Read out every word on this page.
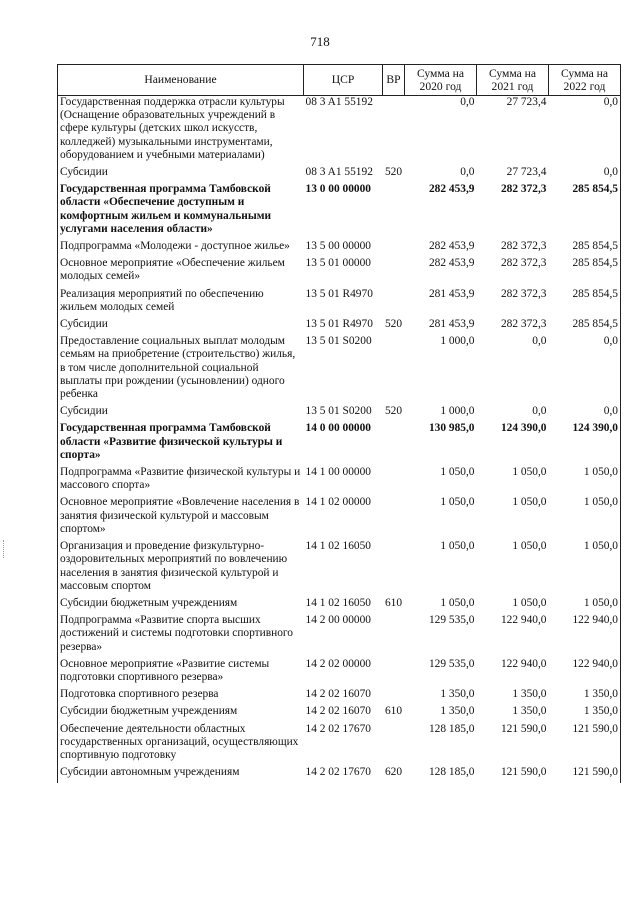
718
Наименование	ЦСР	ВР	Сумма на 2020 год	Сумма на 2021 год	Сумма на 2022 год
Государственная поддержка отрасли культуры (Оснащение образовательных учреждений в сфере культуры (детских школ искусств, колледжей) музыкальными инструментами, оборудованием и учебными материалами)	08 3 A1 55192		0,0	27 723,4	0,0
Субсидии	08 3 A1 55192	520	0,0	27 723,4	0,0
Государственная программа Тамбовской области «Обеспечение доступным и комфортным жильем и коммунальными услугами населения области»	13 0 00 00000		282 453,9	282 372,3	285 854,5
Подпрограмма «Молодежи - доступное жилье»	13 5 00 00000		282 453,9	282 372,3	285 854,5
Основное мероприятие «Обеспечение жильем молодых семей»	13 5 01 00000		282 453,9	282 372,3	285 854,5
Реализация мероприятий по обеспечению жильем молодых семей	13 5 01 R4970		281 453,9	282 372,3	285 854,5
Субсидии	13 5 01 R4970	520	281 453,9	282 372,3	285 854,5
Предоставление социальных выплат молодым семьям на приобретение (строительство) жилья, в том числе дополнительной социальной выплаты при рождении (усыновлении) одного ребенка	13 5 01 S0200		1 000,0	0,0	0,0
Субсидии	13 5 01 S0200	520	1 000,0	0,0	0,0
Государственная программа Тамбовской области «Развитие физической культуры и спорта»	14 0 00 00000		130 985,0	124 390,0	124 390,0
Подпрограмма «Развитие физической культуры и массового спорта»	14 1 00 00000		1 050,0	1 050,0	1 050,0
Основное мероприятие «Вовлечение населения в занятия физической культурой и массовым спортом»	14 1 02 00000		1 050,0	1 050,0	1 050,0
Организация и проведение физкультурно-оздоровительных мероприятий по вовлечению населения в занятия физической культурой и массовым спортом	14 1 02 16050		1 050,0	1 050,0	1 050,0
Субсидии бюджетным учреждениям	14 1 02 16050	610	1 050,0	1 050,0	1 050,0
Подпрограмма «Развитие спорта высших достижений и системы подготовки спортивного резерва»	14 2 00 00000		129 535,0	122 940,0	122 940,0
Основное мероприятие «Развитие системы подготовки спортивного резерва»	14 2 02 00000		129 535,0	122 940,0	122 940,0
Подготовка спортивного резерва	14 2 02 16070		1 350,0	1 350,0	1 350,0
Субсидии бюджетным учреждениям	14 2 02 16070	610	1 350,0	1 350,0	1 350,0
Обеспечение деятельности областных государственных организаций, осуществляющих спортивную подготовку	14 2 02 17670		128 185,0	121 590,0	121 590,0
Субсидии автономным учреждениям	14 2 02 17670	620	128 185,0	121 590,0	121 590,0
